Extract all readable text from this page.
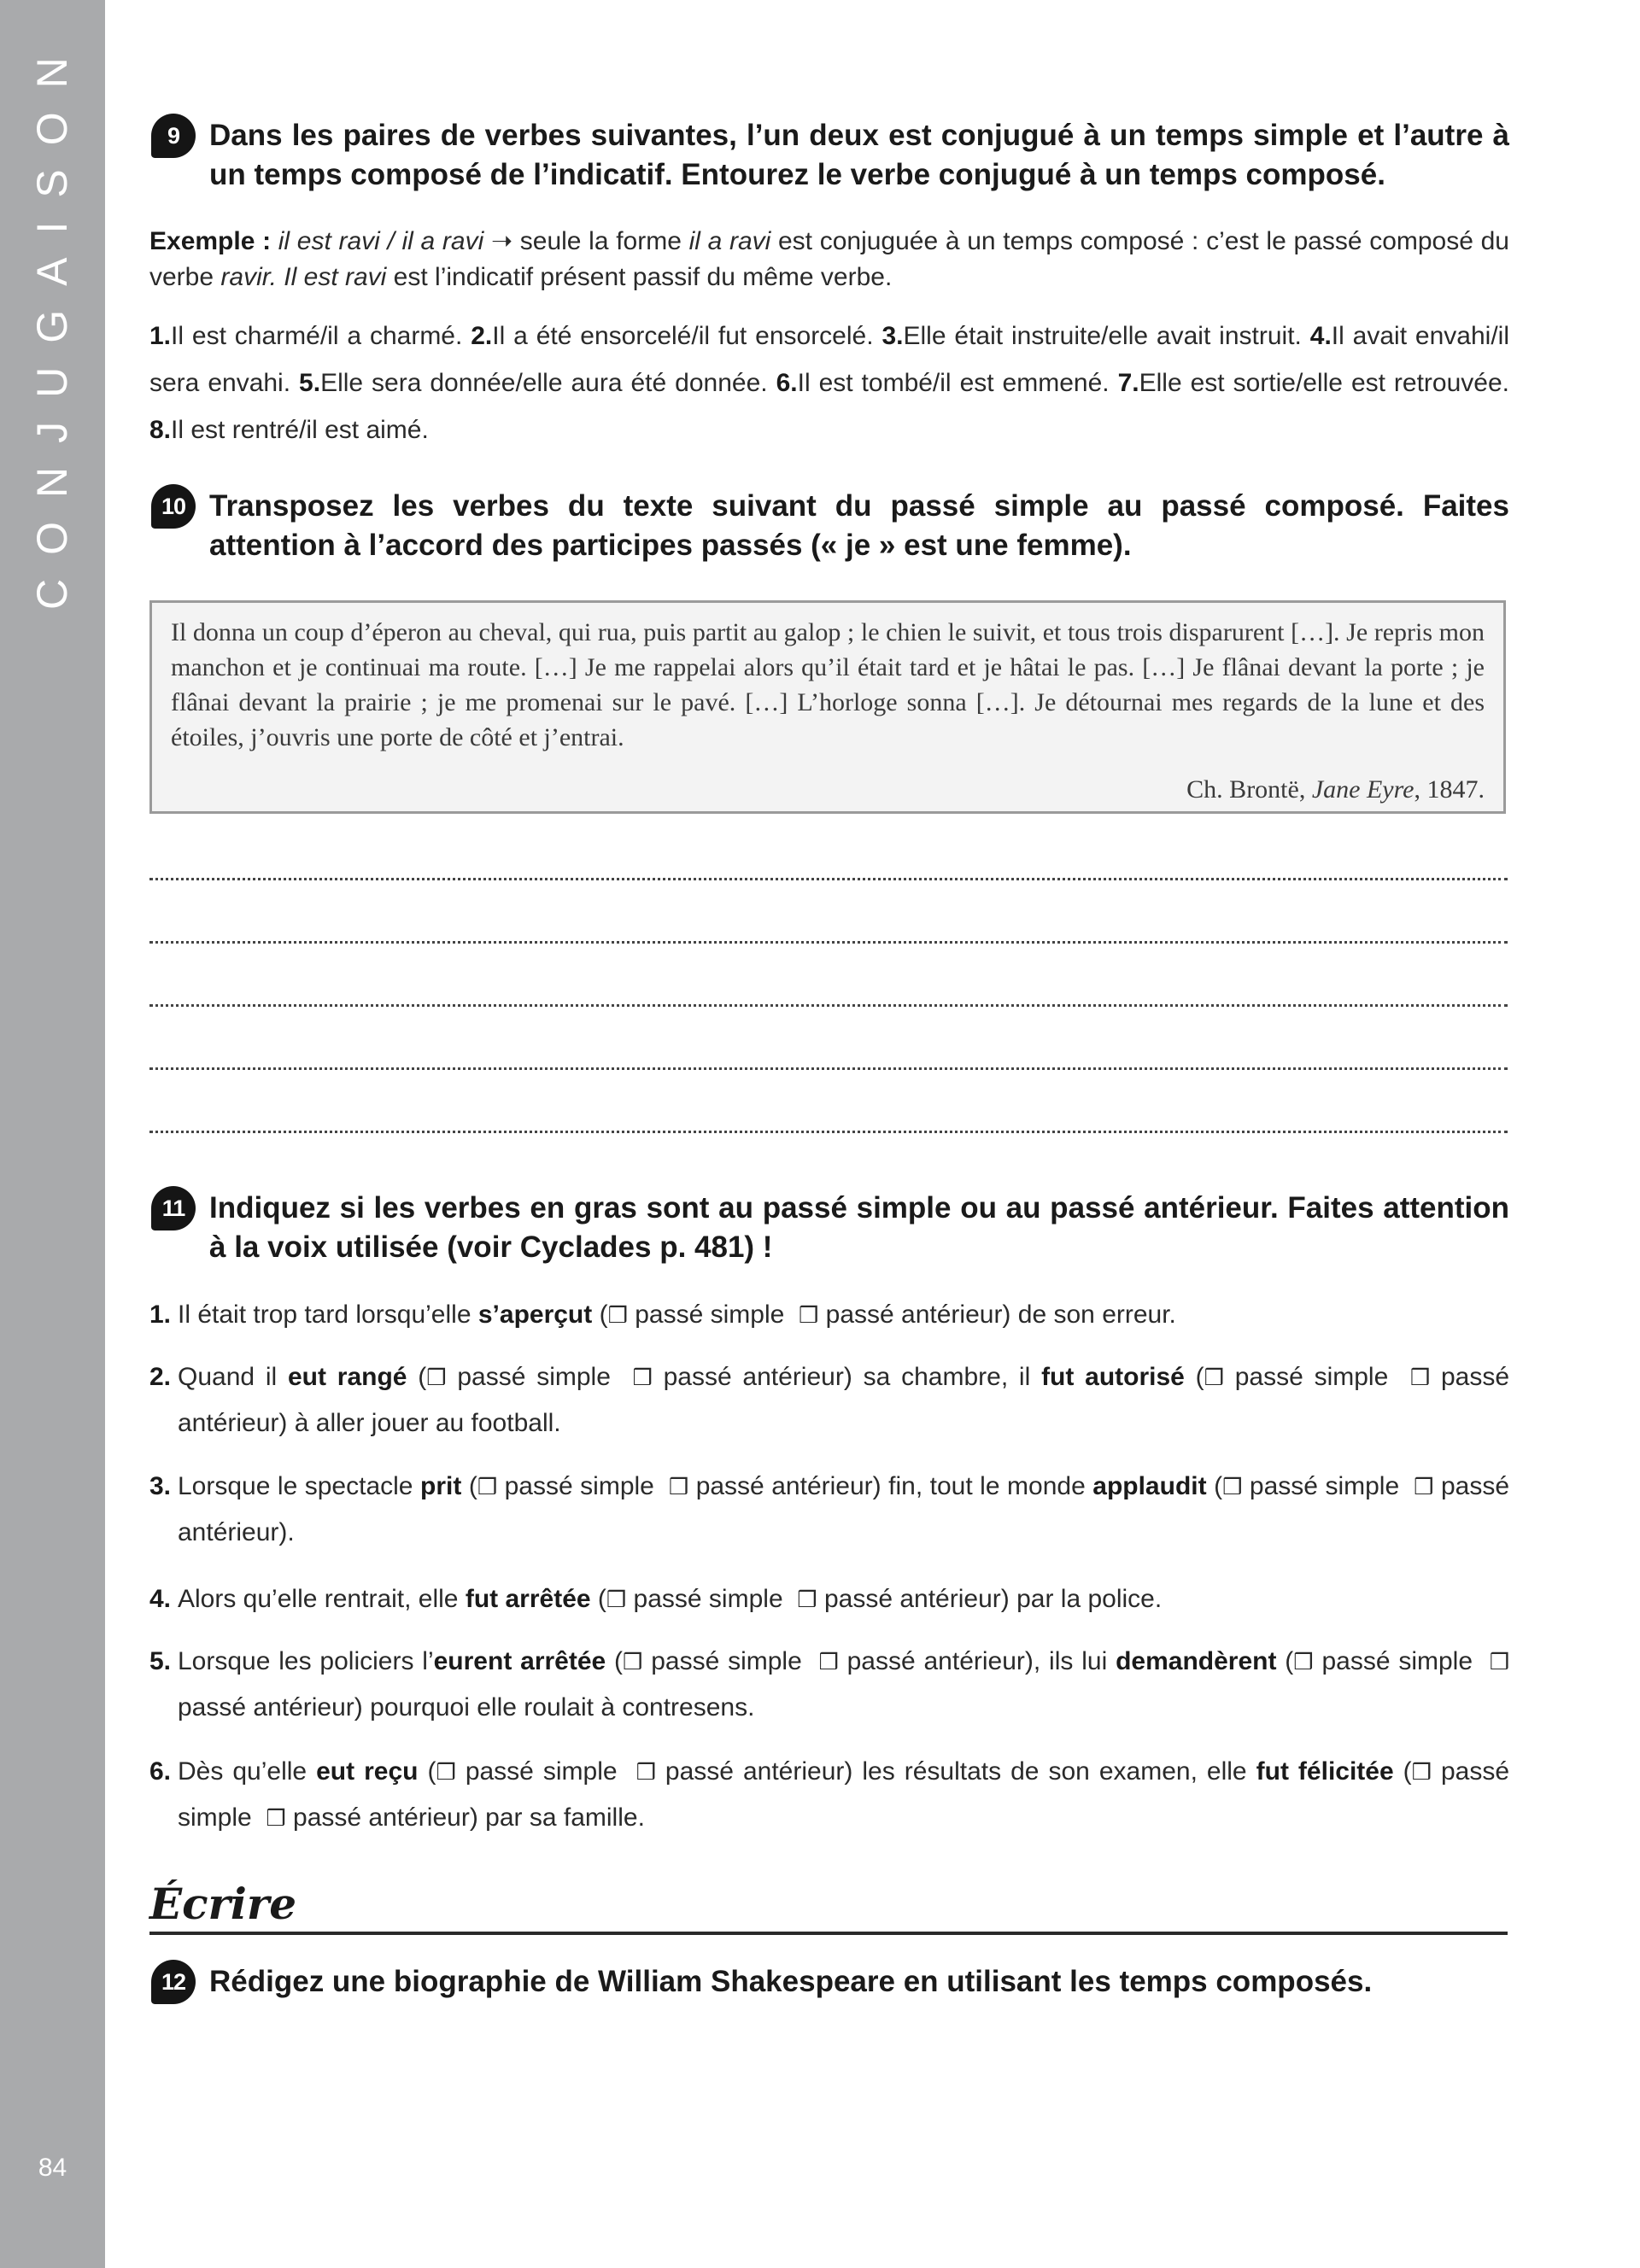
CONJUGAISON
84
9 Dans les paires de verbes suivantes, l’un deux est conjugué à un temps simple et l’autre à un temps composé de l’indicatif. Entourez le verbe conjugué à un temps composé.

Exemple : il est ravi / il a ravi ➝ seule la forme il a ravi est conjuguée à un temps composé : c’est le passé composé du verbe ravir. Il est ravi est l’indicatif présent passif du même verbe.

1.Il est charmé/il a charmé. 2.Il a été ensorcelé/il fut ensorcelé. 3.Elle était instruite/elle avait instruit. 4.Il avait envahi/il sera envahi. 5.Elle sera donnée/elle aura été donnée. 6.Il est tombé/il est emmené. 7.Elle est sortie/elle est retrouvée. 8.Il est rentré/il est aimé.

10 Transposez les verbes du texte suivant du passé simple au passé composé. Faites attention à l’accord des participes passés (« je » est une femme).

Il donna un coup d’éperon au cheval, qui rua, puis partit au galop ; le chien le suivit, et tous trois disparurent […]. Je repris mon manchon et je continuai ma route. […] Je me rappelai alors qu’il était tard et je hâtai le pas. […] Je flânai devant la porte ; je flânai devant la prairie ; je me promenai sur le pavé. […] L’horloge sonna […]. Je détournai mes regards de la lune et des étoiles, j’ouvris une porte de côté et j’entrai.
Ch. Brontë, Jane Eyre, 1847.
11 Indiquez si les verbes en gras sont au passé simple ou au passé antérieur. Faites attention à la voix utilisée (voir Cyclades p. 481) !

1. Il était trop tard lorsqu’elle s’aperçut (❒ passé simple ❒ passé antérieur) de son erreur.
2. Quand il eut rangé (❒ passé simple ❒ passé antérieur) sa chambre, il fut autorisé (❒ passé simple ❒ passé antérieur) à aller jouer au football.
3. Lorsque le spectacle prit (❒ passé simple ❒ passé antérieur) fin, tout le monde applaudit (❒ passé simple ❒ passé antérieur).
4. Alors qu’elle rentrait, elle fut arrêtée (❒ passé simple ❒ passé antérieur) par la police.
5. Lorsque les policiers l’eurent arrêtée (❒ passé simple ❒ passé antérieur), ils lui demandèrent (❒ passé simple ❒ passé antérieur) pourquoi elle roulait à contresens.
6. Dès qu’elle eut reçu (❒ passé simple ❒ passé antérieur) les résultats de son examen, elle fut félicitée (❒ passé simple ❒ passé antérieur) par sa famille.
Écrire
12 Rédigez une biographie de William Shakespeare en utilisant les temps composés.
